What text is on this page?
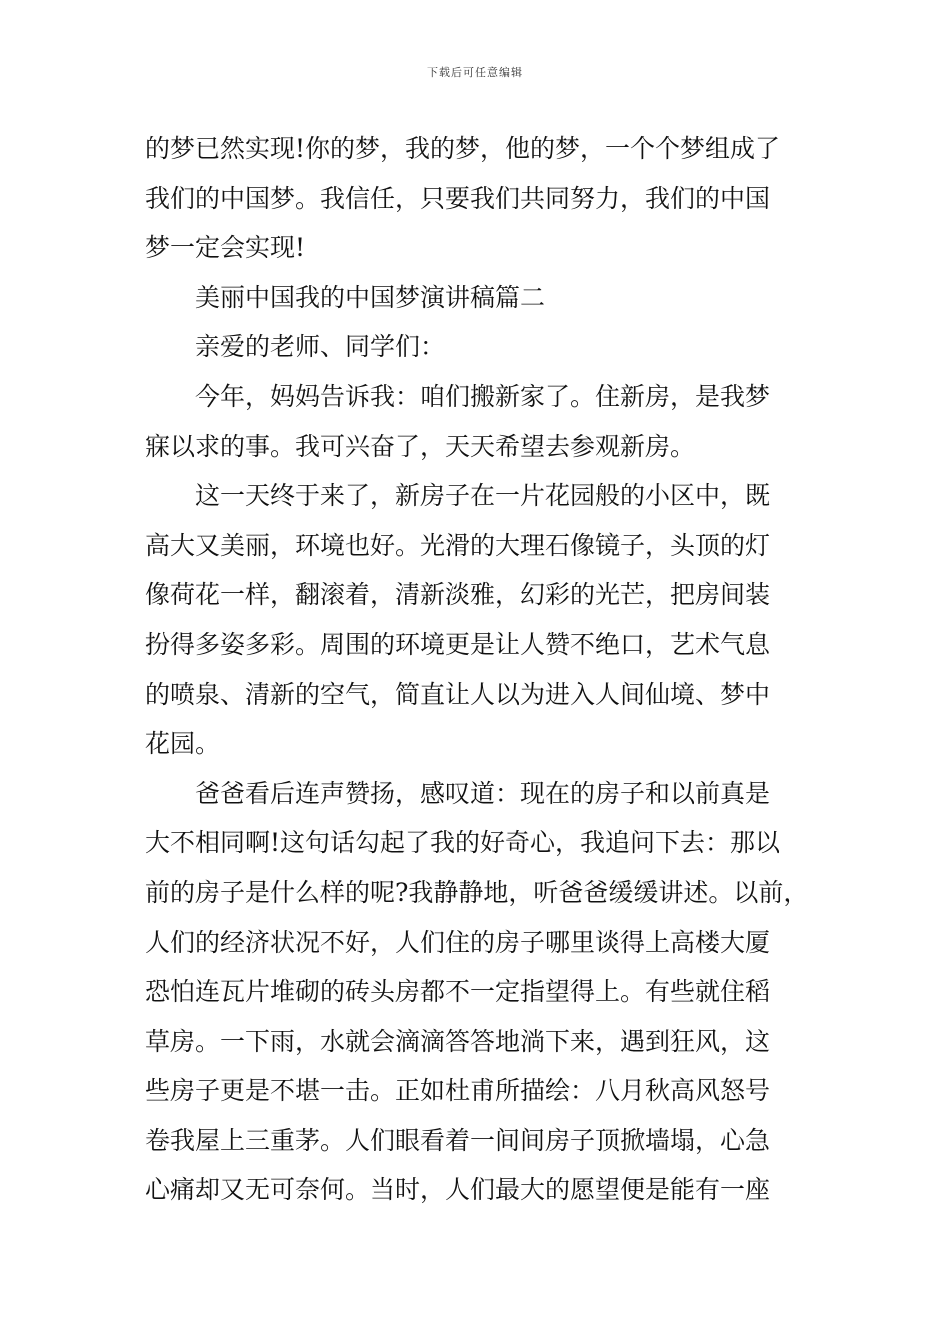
下载后可任意编辑
的梦已然实现!你的梦，我的梦，他的梦，一个个梦组成了
我们的中国梦。我信任，只要我们共同努力，我们的中国
梦一定会实现!
美丽中国我的中国梦演讲稿篇二
亲爱的老师、同学们：
今年，妈妈告诉我：咱们搬新家了。住新房，是我梦
寐以求的事。我可兴奋了，天天希望去参观新房。
这一天终于来了，新房子在一片花园般的小区中，既
高大又美丽，环境也好。光滑的大理石像镜子，头顶的灯
像荷花一样，翻滚着，清新淡雅，幻彩的光芒，把房间装
扮得多姿多彩。周围的环境更是让人赞不绝口，艺术气息
的喷泉、清新的空气，简直让人以为进入人间仙境、梦中
花园。
爸爸看后连声赞扬，感叹道：现在的房子和以前真是
大不相同啊!这句话勾起了我的好奇心，我追问下去：那以
前的房子是什么样的呢?我静静地，听爸爸缓缓讲述。以前，
人们的经济状况不好，人们住的房子哪里谈得上高楼大厦
恐怕连瓦片堆砌的砖头房都不一定指望得上。有些就住稻
草房。一下雨，水就会滴滴答答地淌下来，遇到狂风，这
些房子更是不堪一击。正如杜甫所描绘：八月秋高风怒号
卷我屋上三重茅。人们眼看着一间间房子顶掀墙塌，心急
心痛却又无可奈何。当时，人们最大的愿望便是能有一座
